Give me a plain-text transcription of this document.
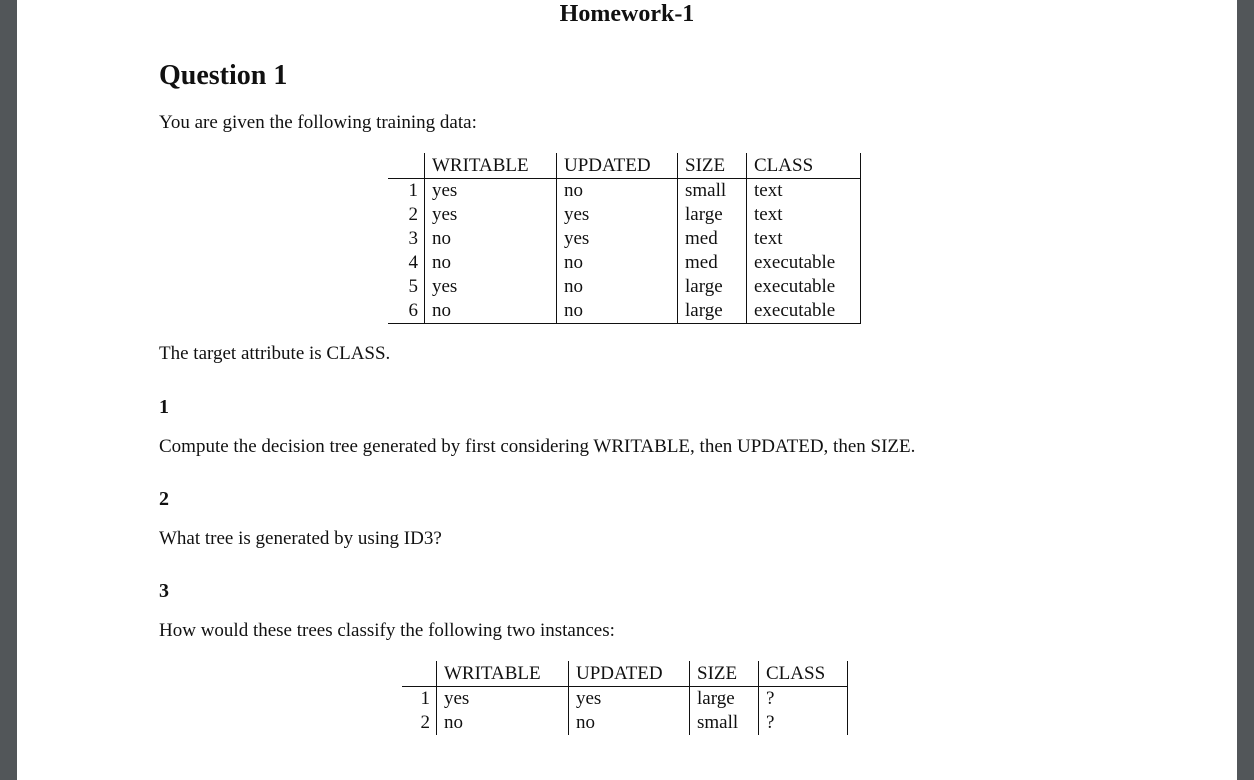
Homework-1
Question 1
You are given the following training data:
	WRITABLE	UPDATED	SIZE	CLASS
1	yes	no	small	text
2	yes	yes	large	text
3	no	yes	med	text
4	no	no	med	executable
5	yes	no	large	executable
6	no	no	large	executable
The target attribute is CLASS.
1
Compute the decision tree generated by first considering WRITABLE, then UPDATED, then SIZE.
2
What tree is generated by using ID3?
3
How would these trees classify the following two instances:
	WRITABLE	UPDATED	SIZE	CLASS
1	yes	yes	large	?
2	no	no	small	?
